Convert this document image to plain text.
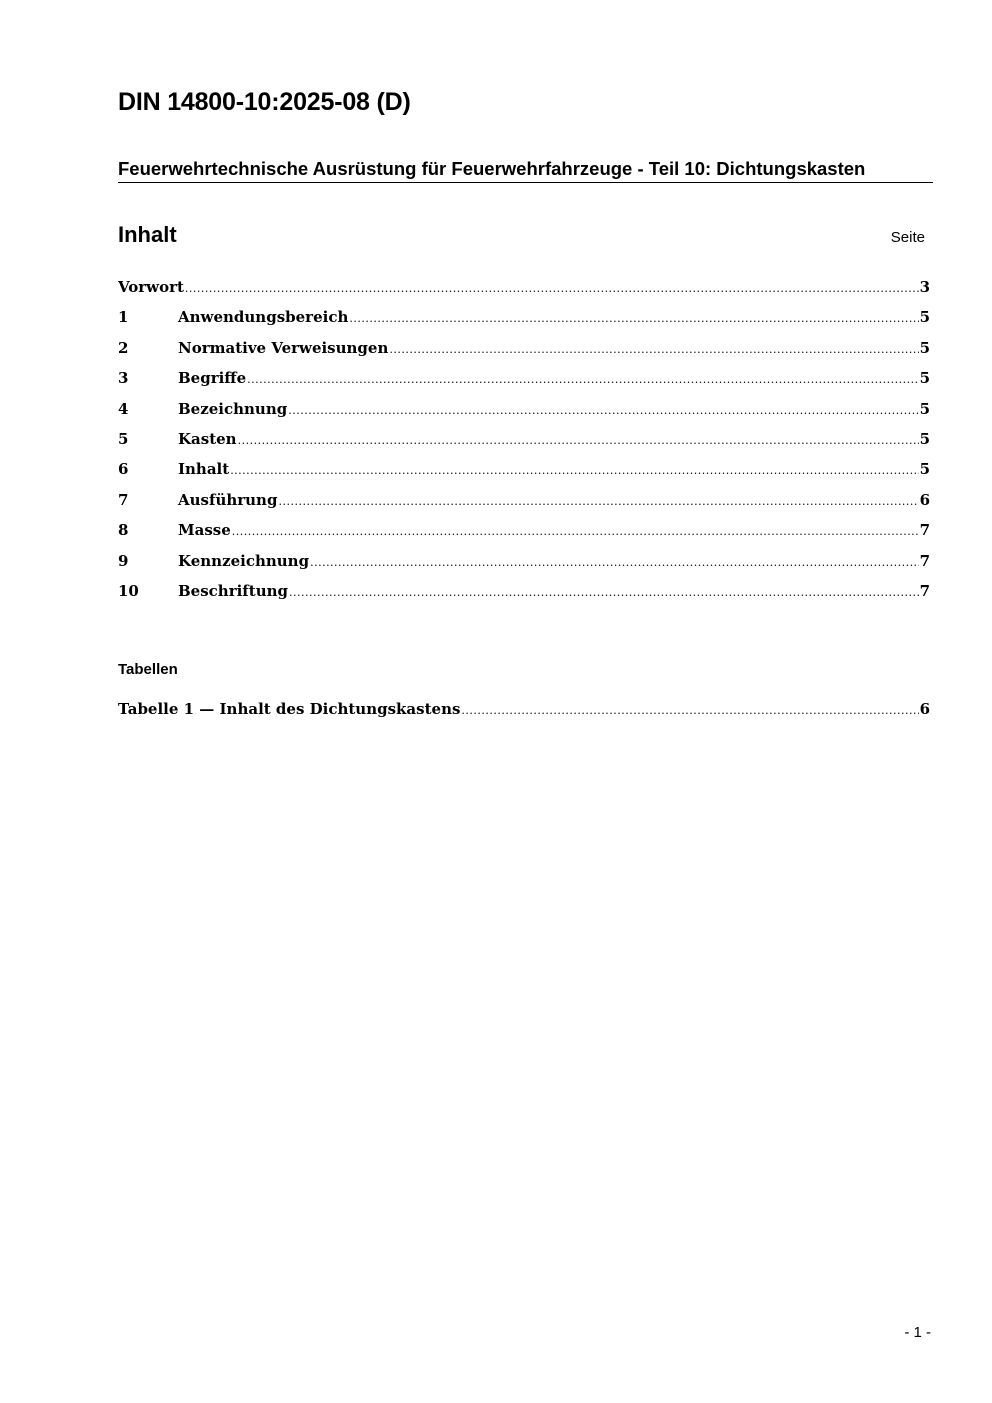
DIN 14800-10:2025-08 (D)
Feuerwehrtechnische Ausrüstung für Feuerwehrfahrzeuge - Teil 10: Dichtungskasten
Inhalt	Seite
Vorwort .....	3
1	Anwendungsbereich .....	5
2	Normative Verweisungen .....	5
3	Begriffe .....	5
4	Bezeichnung .....	5
5	Kasten .....	5
6	Inhalt .....	5
7	Ausführung .....	6
8	Masse .....	7
9	Kennzeichnung .....	7
10	Beschriftung .....	7
Tabellen
Tabelle 1 — Inhalt des Dichtungskastens .....	6
- 1 -
